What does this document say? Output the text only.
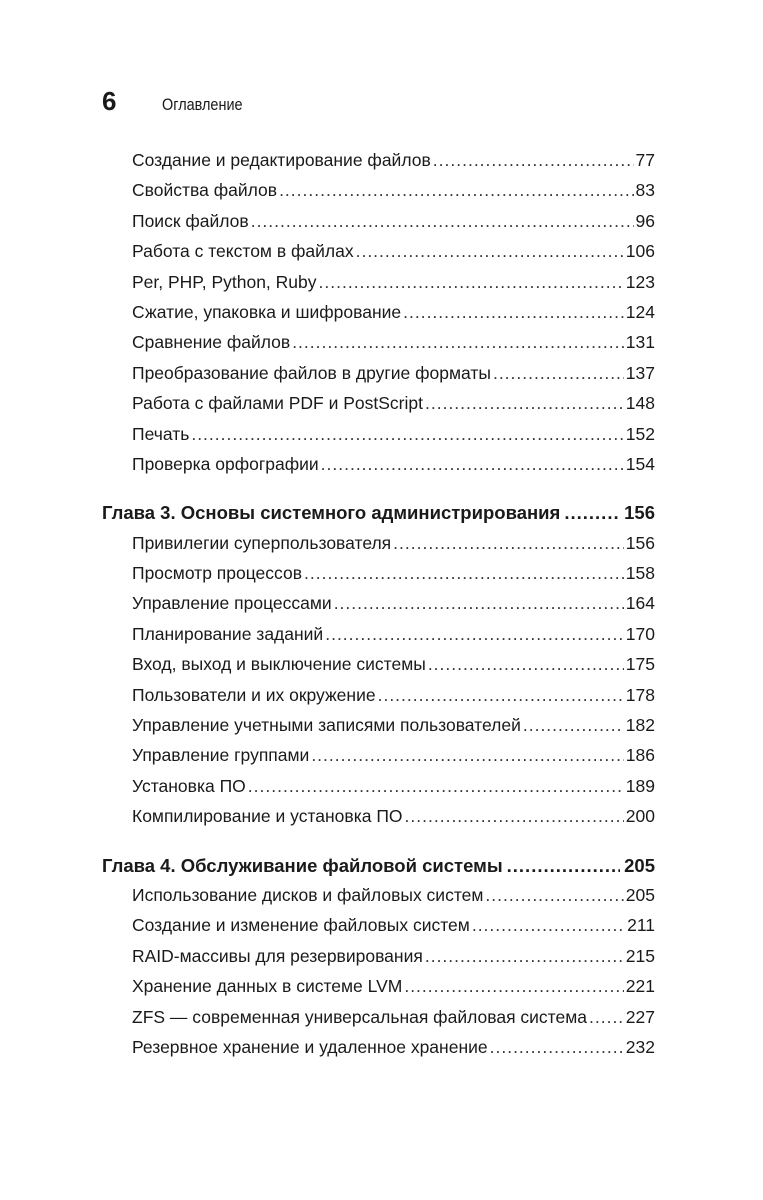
6	Оглавление
Создание и редактирование файлов .....	77
Свойства файлов .....	83
Поиск файлов .....	96
Работа с текстом в файлах .....	106
Per, PHP, Python, Ruby .....	123
Сжатие, упаковка и шифрование .....	124
Сравнение файлов .....	131
Преобразование файлов в другие форматы .....	137
Работа с файлами PDF и PostScript .....	148
Печать .....	152
Проверка орфографии .....	154
Глава 3. Основы системного администрирования .....	156
Привилегии суперпользователя .....	156
Просмотр процессов .....	158
Управление процессами .....	164
Планирование заданий .....	170
Вход, выход и выключение системы .....	175
Пользователи и их окружение .....	178
Управление учетными записями пользователей .....	182
Управление группами .....	186
Установка ПО .....	189
Компилирование и установка ПО .....	200
Глава 4. Обслуживание файловой системы .....	205
Использование дисков и файловых систем .....	205
Создание и изменение файловых систем .....	211
RAID-массивы для резервирования .....	215
Хранение данных в системе LVM .....	221
ZFS — современная универсальная файловая система ..... 227
Резервное хранение и удаленное хранение .....	232
